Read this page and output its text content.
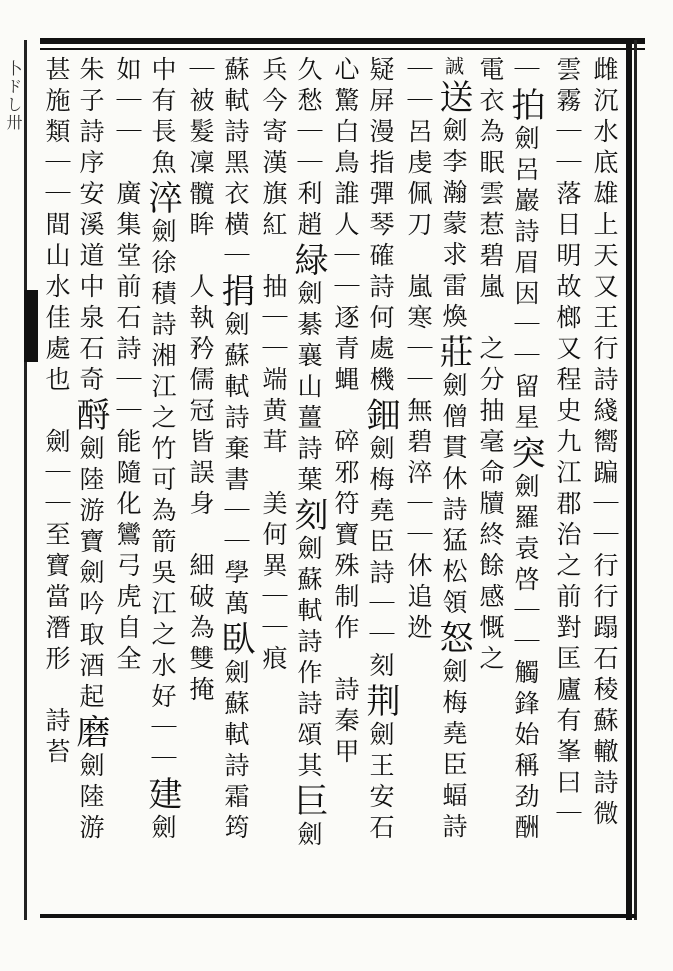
卜ドし卅	雌沉水底雄上天又王行詩綫嚮蹁｜｜行行蹋石稜蘇轍詩微
雲霧｜｜落日明故榔又程史九江郡治之前對匡廬有峯曰｜
｜拍劍呂巖詩眉因｜｜留星突劍羅袁啓｜｜觸鋒始稱劲酬
電衣為眠雲惹碧嵐　之分抽毫命牘終餘感慨之
誠送劍李瀚蒙求雷煥莊劍僧貫休詩猛松領怒劍梅堯臣蝠詩
｜｜呂虔佩刀　嵐寒｜｜無碧淬｜｜休追迯
疑屏漫指彈琴確詩何處機鈿劍梅堯臣詩｜｜刻荆劍王安石
心驚白鳥誰人｜｜逐青蝿　碎邪符寶殊制作　詩秦甲
久愁｜｜利趙緑劍綦襄山薑詩葉刻劍蘇軾詩作詩頌其巨劍
兵今寄漢旗紅　抽｜｜端黄茸　美何異｜｜痕
蘇軾詩黑衣横｜捐劍蘇軾詩棄書｜｜學萬臥劍蘇軾詩霜筠
｜被髮凜髖眸　人執矜儒冠皆誤身　細破為雙掩
中有長魚淬劍徐積詩湘江之竹可為箭吳江之水好｜｜建劍
如｜｜　廣集堂前石詩｜｜能隨化鸞弓虎自全
朱子詩序安溪道中泉石奇酹劍陸游寶劍吟取酒起磨劍陸游
甚施類｜｜間山水佳處也　劍｜｜至寶當潛形　詩苔
